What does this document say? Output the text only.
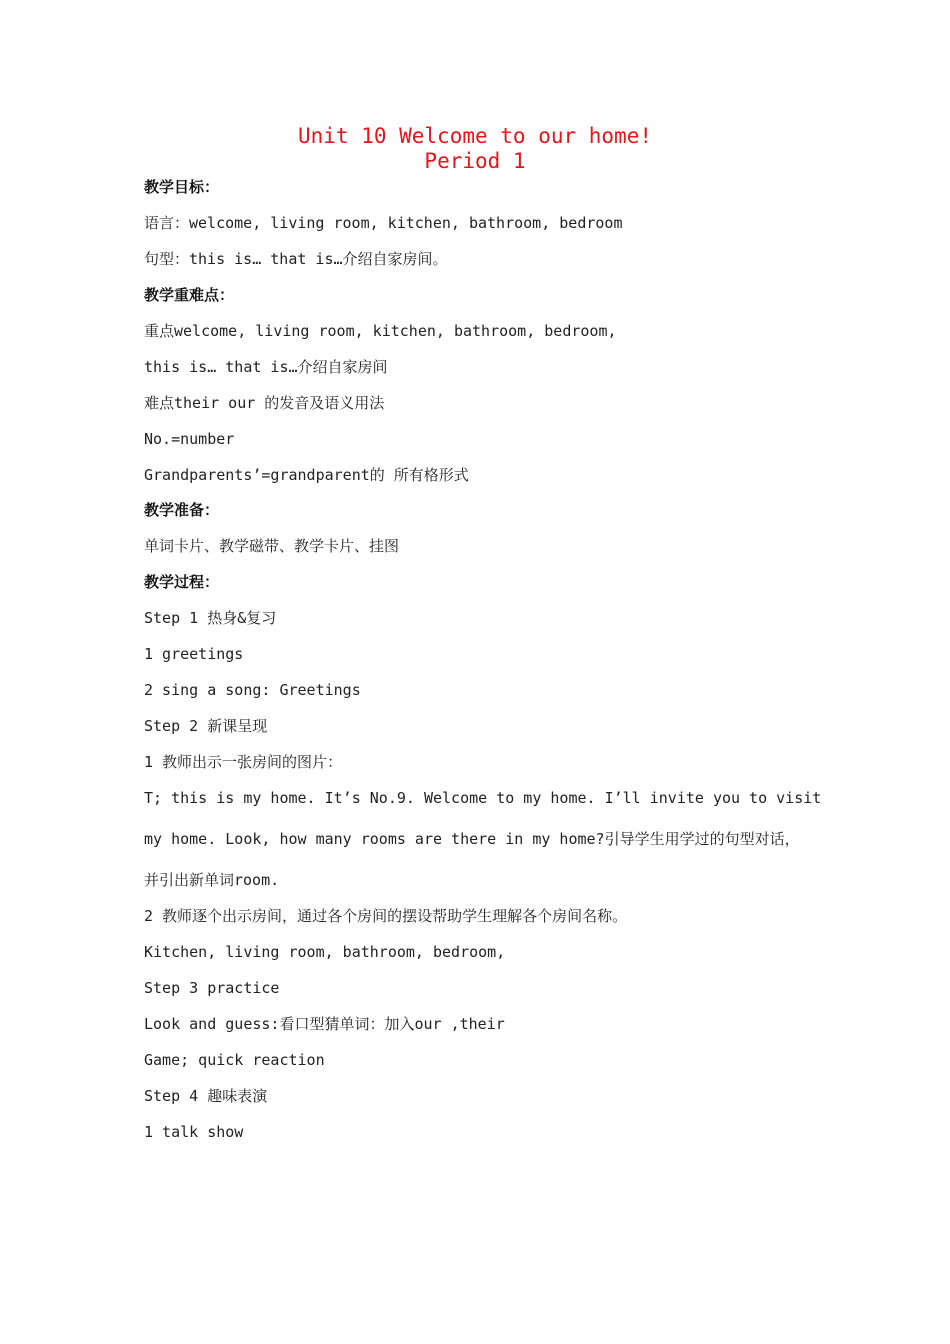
Unit 10 Welcome to our home!
Period 1
教学目标：
语言：welcome, living room, kitchen, bathroom, bedroom
句型：this is… that is…介绍自家房间。
教学重难点：
重点welcome, living room, kitchen, bathroom, bedroom,
this is… that is…介绍自家房间
难点their our 的发音及语义用法
No.=number
Grandparents’=grandparent的 所有格形式
教学准备：
单词卡片、教学磁带、教学卡片、挂图
教学过程：
Step 1 热身&复习
1 greetings
2 sing a song: Greetings
Step 2 新课呈现
1 教师出示一张房间的图片：
T; this is my home. It’s No.9. Welcome to my home. I’ll invite you to visit
my home. Look, how many rooms are there in my home?引导学生用学过的句型对话，
并引出新单词room.
2 教师逐个出示房间，通过各个房间的摆设帮助学生理解各个房间名称。
Kitchen, living room, bathroom, bedroom,
Step 3 practice
Look and guess:看口型猜单词：加入our ,their
Game; quick reaction
Step 4 趣味表演
1 talk show
